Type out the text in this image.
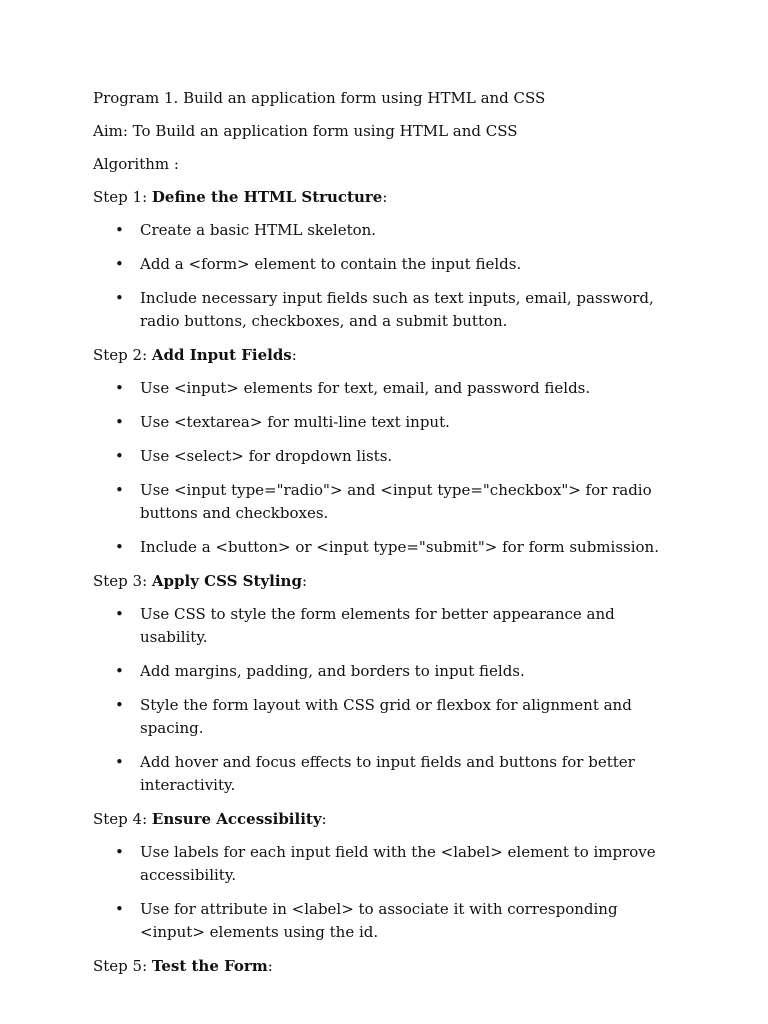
Program 1. Build an application form using HTML and CSS

Aim: To Build an application form using HTML and CSS

Algorithm :

Step 1: Define the HTML Structure:

• Create a basic HTML skeleton.
• Add a <form> element to contain the input fields.
• Include necessary input fields such as text inputs, email, password, radio buttons, checkboxes, and a submit button.

Step 2: Add Input Fields:

• Use <input> elements for text, email, and password fields.
• Use <textarea> for multi-line text input.
• Use <select> for dropdown lists.
• Use <input type="radio"> and <input type="checkbox"> for radio buttons and checkboxes.
• Include a <button> or <input type="submit"> for form submission.

Step 3: Apply CSS Styling:

• Use CSS to style the form elements for better appearance and usability.
• Add margins, padding, and borders to input fields.
• Style the form layout with CSS grid or flexbox for alignment and spacing.
• Add hover and focus effects to input fields and buttons for better interactivity.

Step 4: Ensure Accessibility:

• Use labels for each input field with the <label> element to improve accessibility.
• Use for attribute in <label> to associate it with corresponding <input> elements using the id.

Step 5: Test the Form:
